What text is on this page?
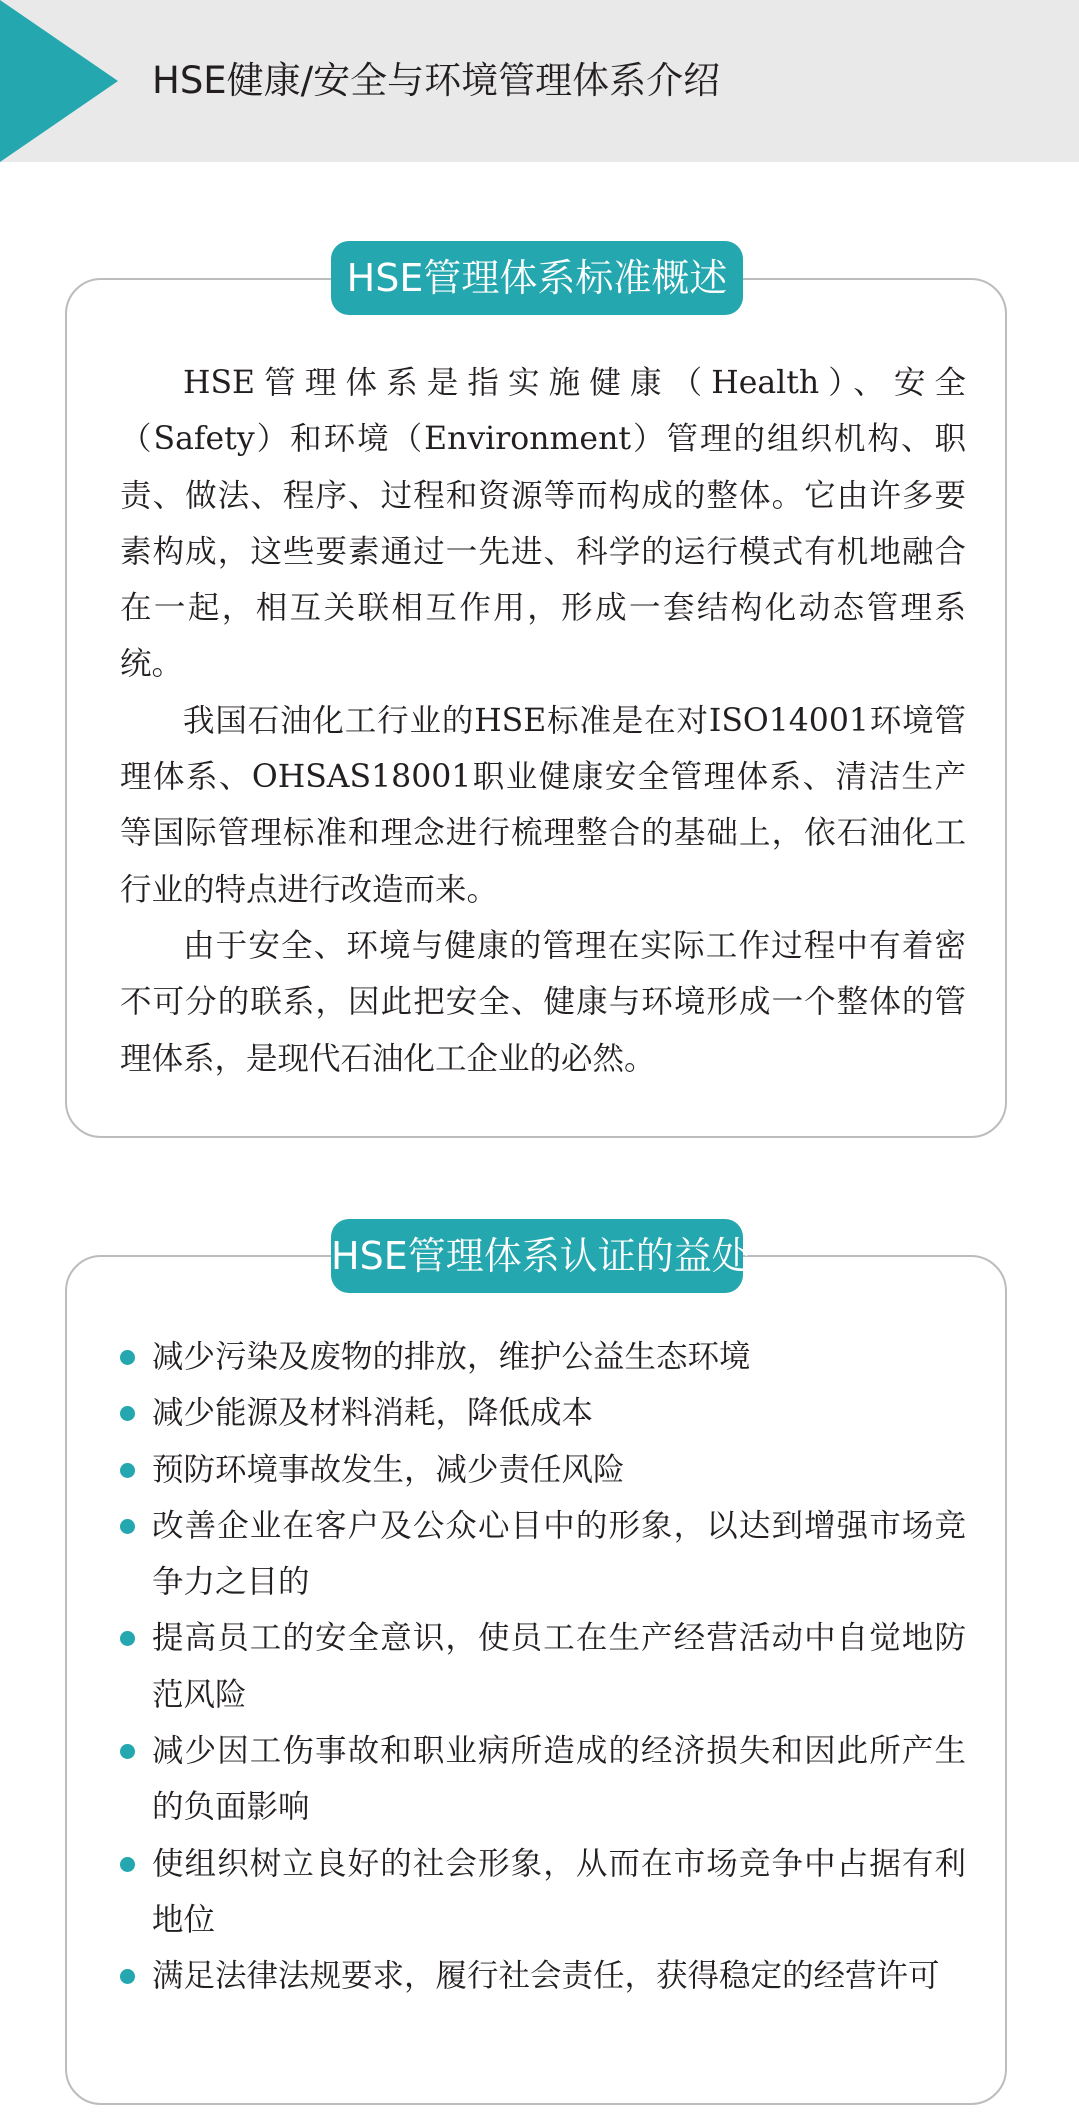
HSE健康/安全与环境管理体系介绍
HSE管理体系标准概述

HSE管理体系是指实施健康（Health）、安全（Safety）和环境（Environment）管理的组织机构、职责、做法、程序、过程和资源等而构成的整体。它由许多要素构成，这些要素通过一先进、科学的运行模式有机地融合在一起，相互关联相互作用，形成一套结构化动态管理系统。

我国石油化工行业的HSE标准是在对ISO14001环境管理体系、OHSAS18001职业健康安全管理体系、清洁生产等国际管理标准和理念进行梳理整合的基础上，依石油化工行业的特点进行改造而来。

由于安全、环境与健康的管理在实际工作过程中有着密不可分的联系，因此把安全、健康与环境形成一个整体的管理体系，是现代石油化工企业的必然。

HSE管理体系认证的益处
减少污染及废物的排放，维护公益生态环境
减少能源及材料消耗，降低成本
预防环境事故发生，减少责任风险
改善企业在客户及公众心目中的形象，以达到增强市场竞争力之目的
提高员工的安全意识，使员工在生产经营活动中自觉地防范风险
减少因工伤事故和职业病所造成的经济损失和因此所产生的负面影响
使组织树立良好的社会形象，从而在市场竞争中占据有利地位
满足法律法规要求，履行社会责任，获得稳定的经营许可
